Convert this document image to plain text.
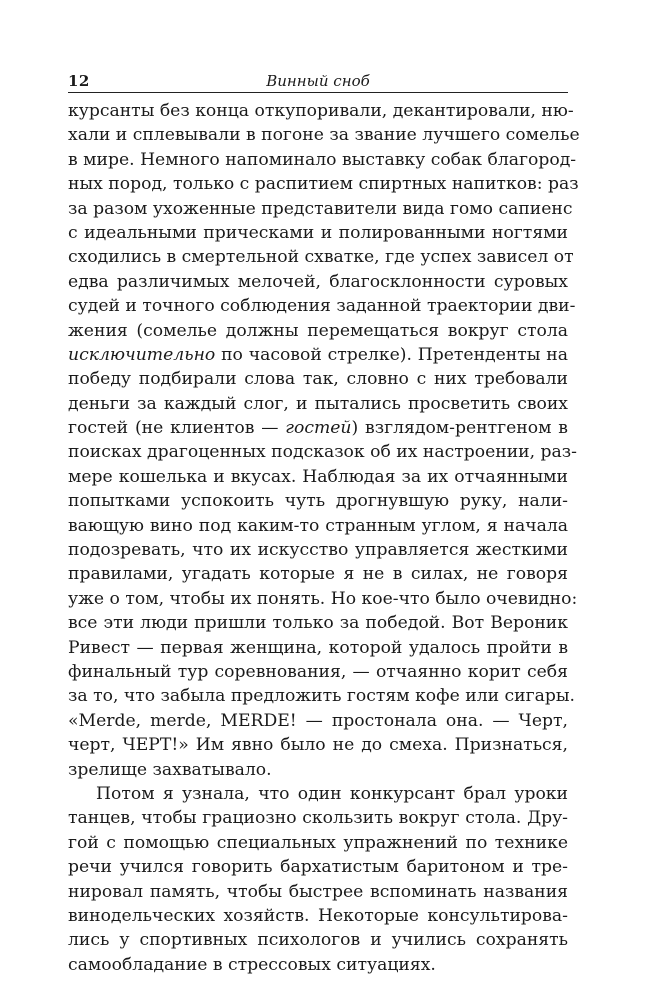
12	Винный сноб
курсанты без конца откупоривали, декантировали, ню-
хали и сплевывали в погоне за звание лучшего сомелье
в мире. Немного напоминало выставку собак благород-
ных пород, только с распитием спиртных напитков: раз
за разом ухоженные представители вида гомо сапиенс
с идеальными прическами и полированными ногтями
сходились в смертельной схватке, где успех зависел от
едва различимых мелочей, благосклонности суровых
судей и точного соблюдения заданной траектории дви-
жения (сомелье должны перемещаться вокруг стола
исключительно по часовой стрелке). Претенденты на
победу подбирали слова так, словно с них требовали
деньги за каждый слог, и пытались просветить своих
гостей (не клиентов — гостей) взглядом-рентгеном в
поисках драгоценных подсказок об их настроении, раз-
мере кошелька и вкусах. Наблюдая за их отчаянными
попытками успокоить чуть дрогнувшую руку, нали-
вающую вино под каким-то странным углом, я начала
подозревать, что их искусство управляется жесткими
правилами, угадать которые я не в силах, не говоря
уже о том, чтобы их понять. Но кое-что было очевидно:
все эти люди пришли только за победой. Вот Вероник
Ривест — первая женщина, которой удалось пройти в
финальный тур соревнования, — отчаянно корит себя
за то, что забыла предложить гостям кофе или сигары.
«Merde, merde, MERDE! — простонала она. — Черт,
черт, ЧЕРТ!» Им явно было не до смеха. Признаться,
зрелище захватывало.
Потом я узнала, что один конкурсант брал уроки
танцев, чтобы грациозно скользить вокруг стола. Дру-
гой с помощью специальных упражнений по технике
речи учился говорить бархатистым баритоном и тре-
нировал память, чтобы быстрее вспоминать названия
винодельческих хозяйств. Некоторые консультирова-
лись у спортивных психологов и учились сохранять
самообладание в стрессовых ситуациях.
